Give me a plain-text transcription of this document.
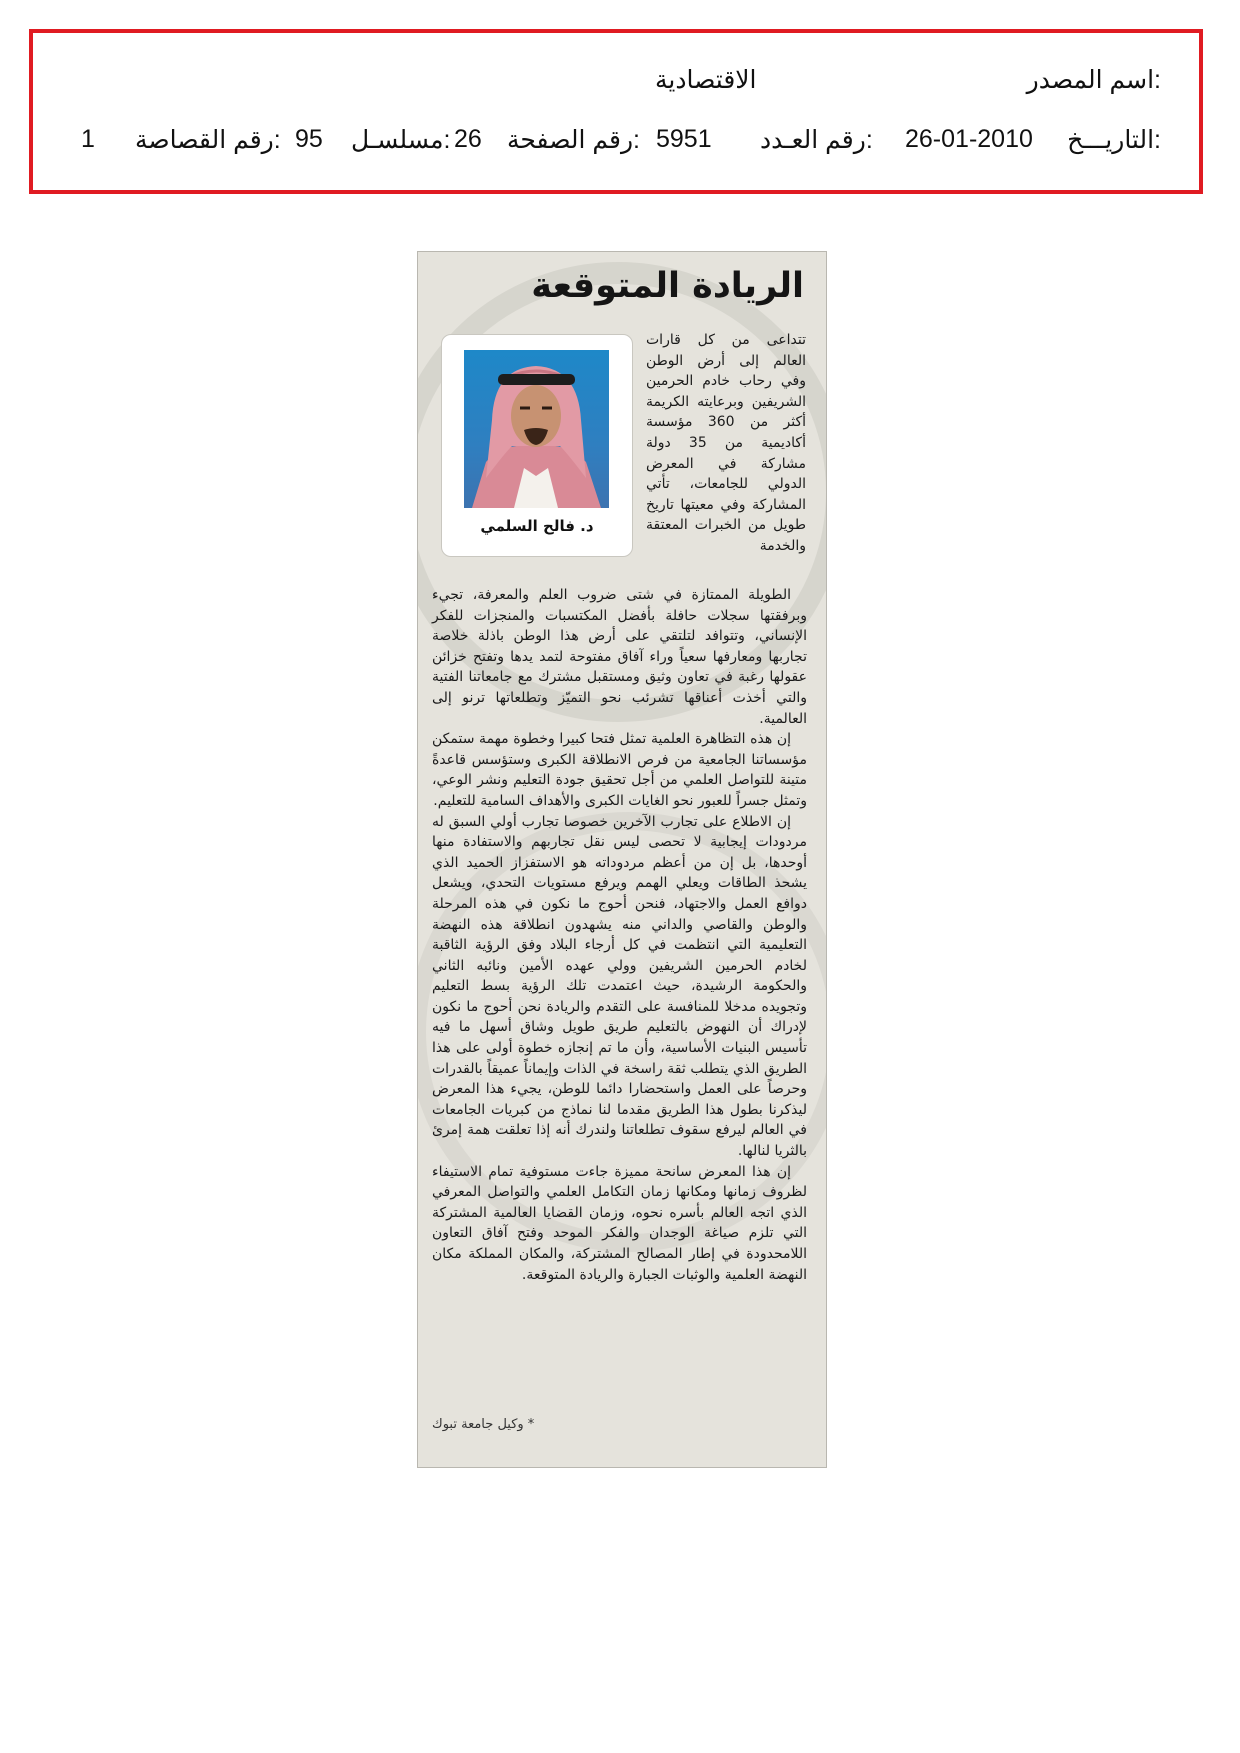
اسم المصدر:
الاقتصادية
التاريـــخ:
26-01-2010
رقم العـدد:
5951
رقم الصفحة:
26
مسلسـل:
95
رقم القصاصة:
1
الريادة المتوقعة
د. فالح السلمي
تتداعى من كل قارات العالم إلى أرض الوطن وفي رحاب خادم الحرمين الشريفين وبرعايته الكريمة أكثر من 360 مؤسسة أكاديمية من 35 دولة مشاركة في المعرض الدولي للجامعات، تأتي المشاركة وفي معيتها تاريخ طويل من الخبرات المعتقة والخدمة

الطويلة الممتازة في شتى ضروب العلم والمعرفة، تجيء وبرفقتها سجلات حافلة بأفضل المكتسبات والمنجزات للفكر الإنساني، وتتوافد لتلتقي على أرض هذا الوطن باذلة خلاصة تجاربها ومعارفها سعياً وراء آفاق مفتوحة لتمد يدها وتفتح خزائن عقولها رغبة في تعاون وثيق ومستقبل مشترك مع جامعاتنا الفتية والتي أخذت أعناقها تشرئب نحو التميّز وتطلعاتها ترنو إلى العالمية.

إن هذه التظاهرة العلمية تمثل فتحا كبيرا وخطوة مهمة ستمكن مؤسساتنا الجامعية من فرص الانطلاقة الكبرى وستؤسس قاعدةً متينة للتواصل العلمي من أجل تحقيق جودة التعليم ونشر الوعي، وتمثل جسراً للعبور نحو الغايات الكبرى والأهداف السامية للتعليم.

إن الاطلاع على تجارب الآخرين خصوصا تجارب أولي السبق له مردودات إيجابية لا تحصى ليس نقل تجاربهم والاستفادة منها أوحدها، بل إن من أعظم مردوداته هو الاستفزاز الحميد الذي يشحذ الطاقات ويعلي الهمم ويرفع مستويات التحدي، ويشعل دوافع العمل والاجتهاد، فنحن أحوج ما نكون في هذه المرحلة والوطن والقاصي والداني منه يشهدون انطلاقة هذه النهضة التعليمية التي انتظمت في كل أرجاء البلاد وفق الرؤية الثاقبة لخادم الحرمين الشريفين وولي عهده الأمين ونائبه الثاني والحكومة الرشيدة، حيث اعتمدت تلك الرؤية بسط التعليم وتجويده مدخلا للمنافسة على التقدم والريادة نحن أحوج ما نكون لإدراك أن النهوض بالتعليم طريق طويل وشاق أسهل ما فيه تأسيس البنيات الأساسية، وأن ما تم إنجازه خطوة أولى على هذا الطريق الذي يتطلب ثقة راسخة في الذات وإيماناً عميقاً بالقدرات وحرصاً على العمل واستحضارا دائما للوطن، يجيء هذا المعرض ليذكرنا بطول هذا الطريق مقدما لنا نماذج من كبريات الجامعات في العالم ليرفع سقوف تطلعاتنا ولندرك أنه إذا تعلقت همة إمرئ بالثريا لنالها.

إن هذا المعرض سانحة مميزة جاءت مستوفية تمام الاستيفاء لظروف زمانها ومكانها زمان التكامل العلمي والتواصل المعرفي الذي اتجه العالم بأسره نحوه، وزمان القضايا العالمية المشتركة التي تلزم صياغة الوجدان والفكر الموحد وفتح آفاق التعاون اللامحدودة في إطار المصالح المشتركة، والمكان المملكة مكان النهضة العلمية والوثبات الجبارة والريادة المتوقعة.

* وكيل جامعة تبوك
